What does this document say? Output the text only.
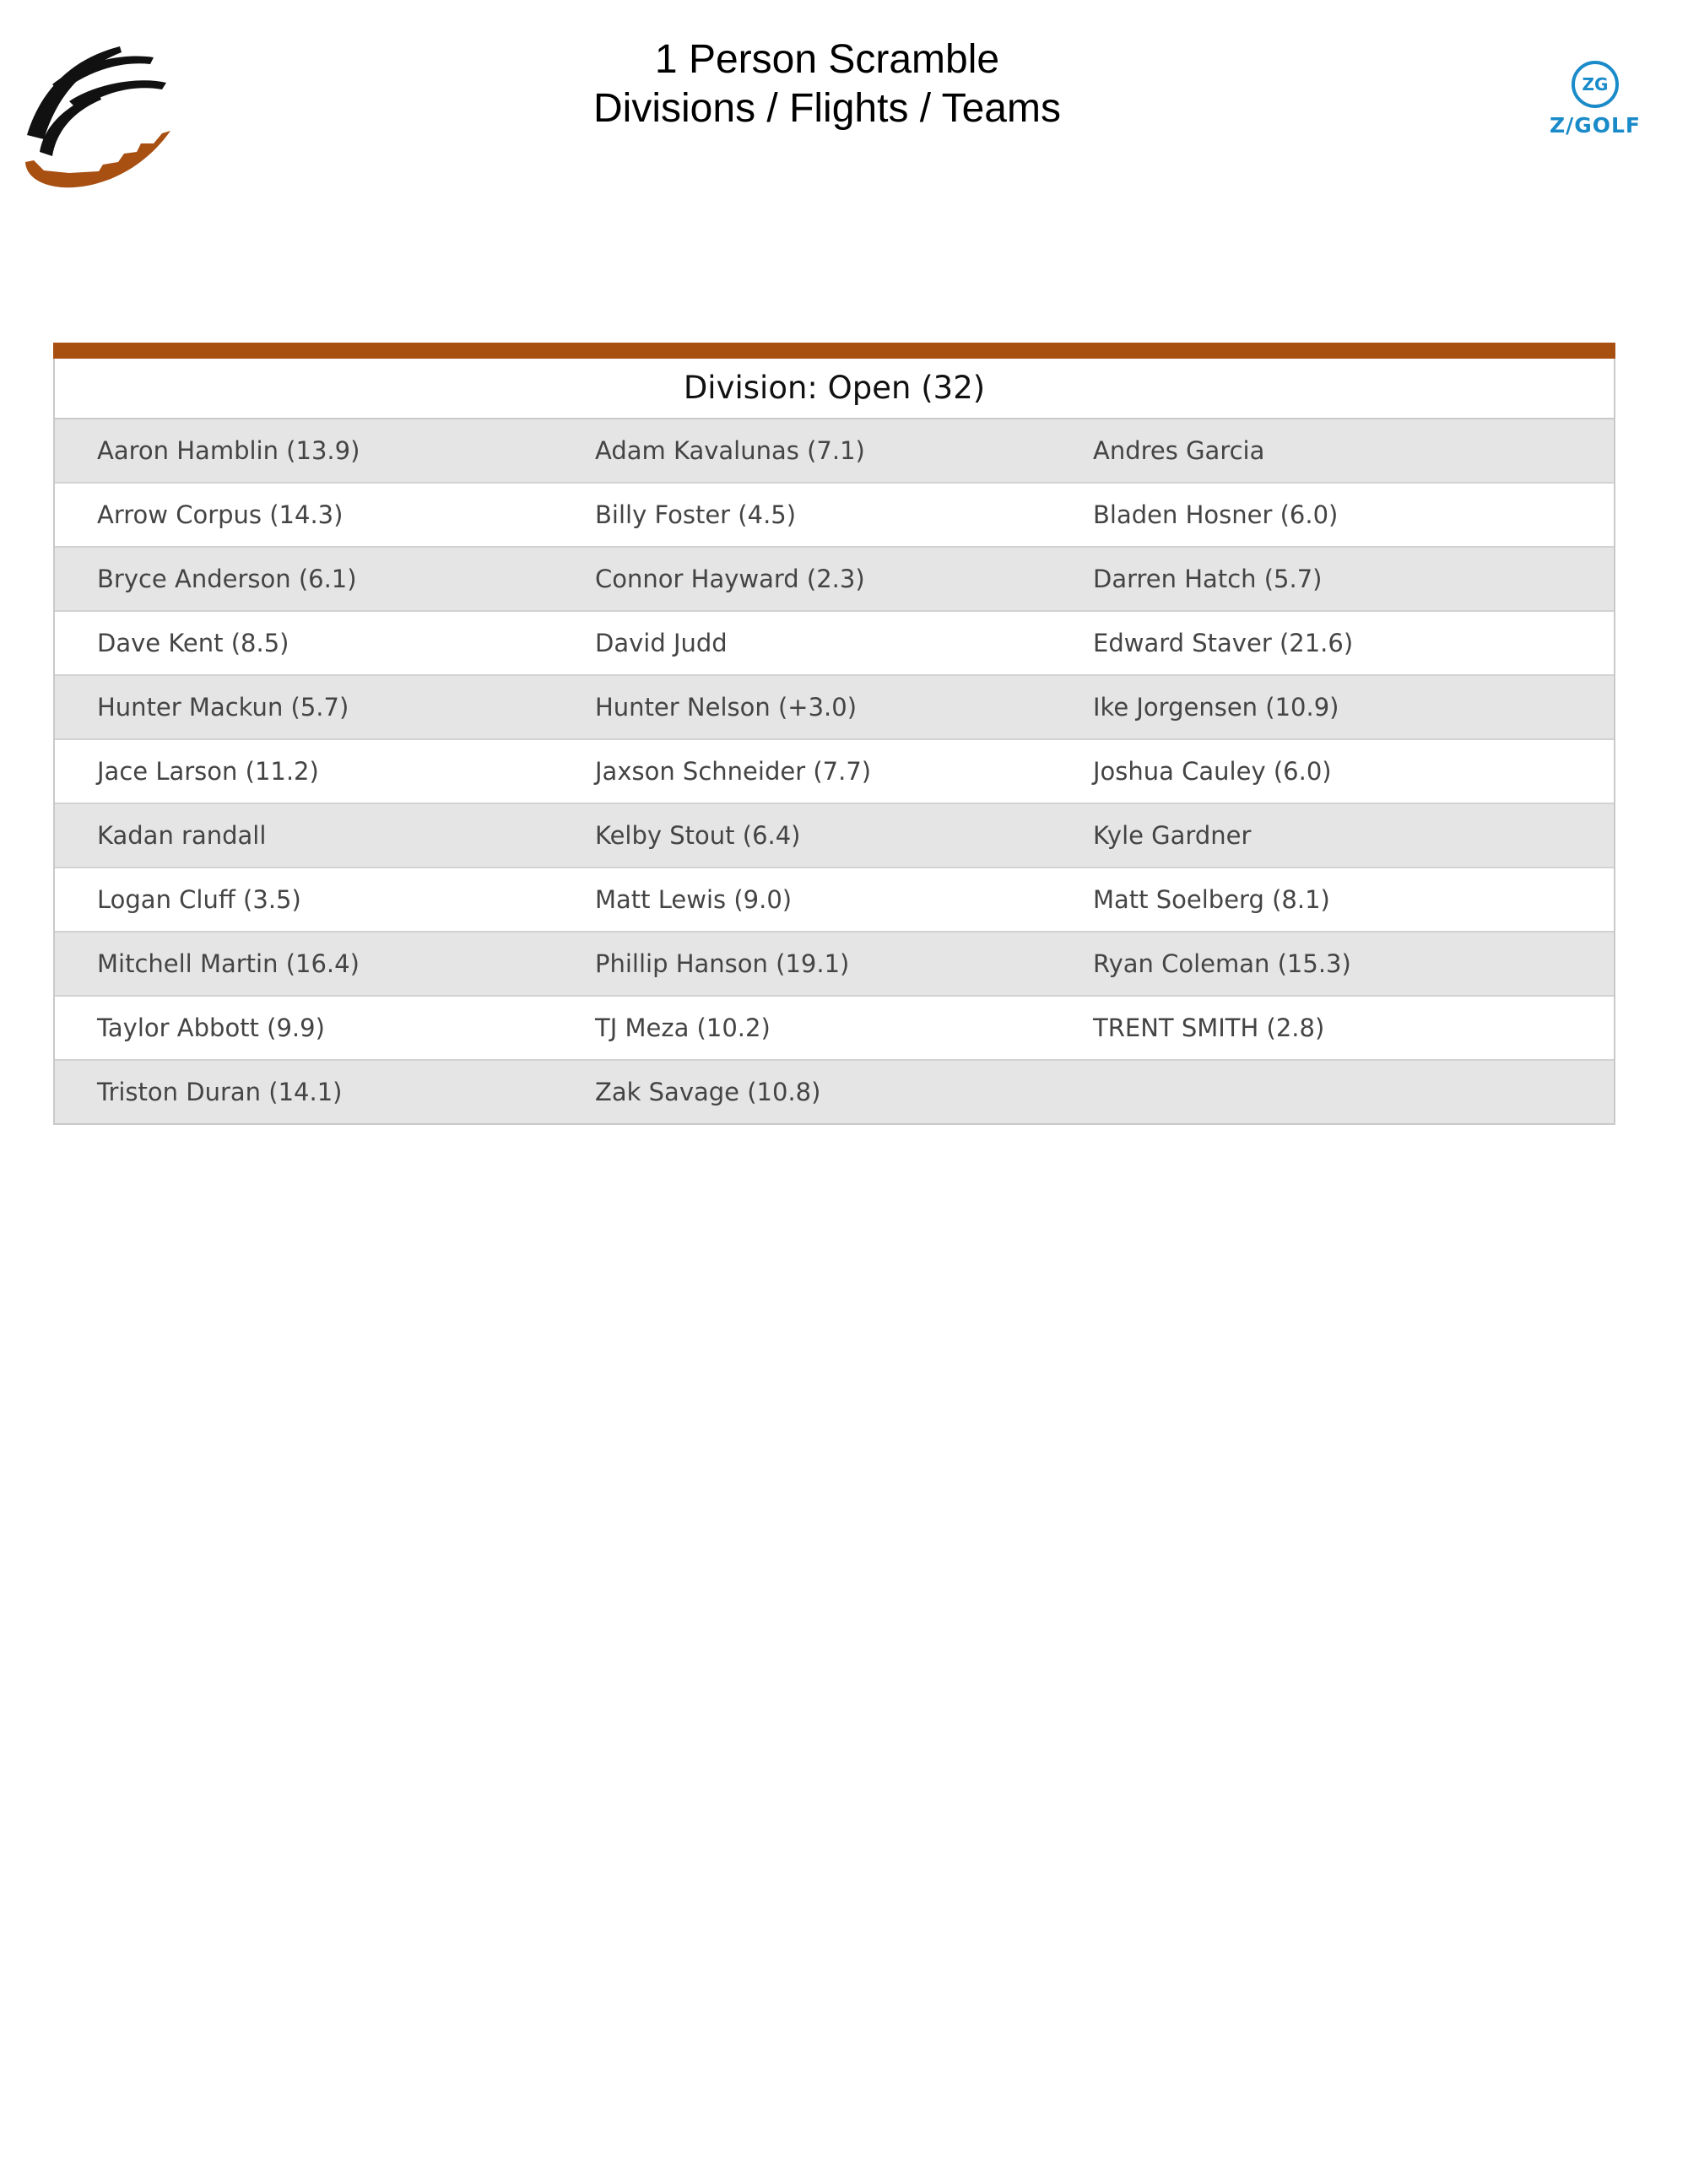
1 Person Scramble
Divisions / Flights / Teams
ZG
Z/GOLF
Division: Open (32)
Aaron Hamblin (13.9)	Adam Kavalunas (7.1)	Andres Garcia
Arrow Corpus (14.3)	Billy Foster (4.5)	Bladen Hosner (6.0)
Bryce Anderson (6.1)	Connor Hayward (2.3)	Darren Hatch (5.7)
Dave Kent (8.5)	David Judd	Edward Staver (21.6)
Hunter Mackun (5.7)	Hunter Nelson (+3.0)	Ike Jorgensen (10.9)
Jace Larson (11.2)	Jaxson Schneider (7.7)	Joshua Cauley (6.0)
Kadan randall	Kelby Stout (6.4)	Kyle Gardner
Logan Cluff (3.5)	Matt Lewis (9.0)	Matt Soelberg (8.1)
Mitchell Martin (16.4)	Phillip Hanson (19.1)	Ryan Coleman (15.3)
Taylor Abbott (9.9)	TJ Meza (10.2)	TRENT SMITH (2.8)
Triston Duran (14.1)	Zak Savage (10.8)
